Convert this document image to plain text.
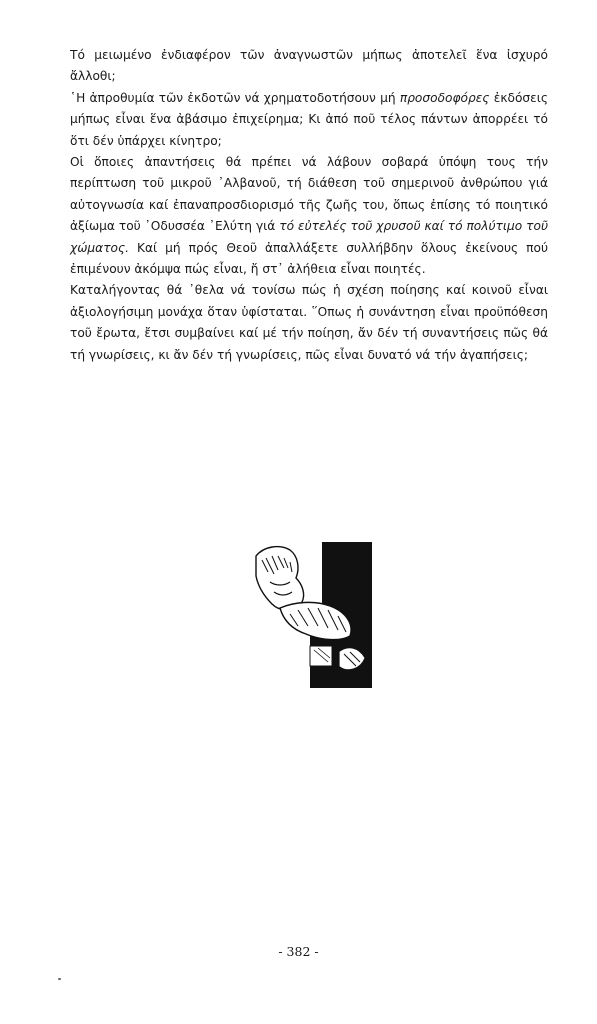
Τό μειωμένο ἐνδιαφέρον τῶν ἀναγνωστῶν μήπως ἀποτελεῖ ἕνα ἰσχυρό ἄλλοθι;

῾Η ἀπροθυμία τῶν ἐκδοτῶν νά χρηματοδοτήσουν μή προσοδοφόρες ἐκδόσεις μήπως εἶναι ἕνα ἀβάσιμο ἐπιχείρημα; Κι ἀπό ποῦ τέλος πάντων ἀπορρέει τό ὅτι δέν ὑπάρχει κίνητρο;

Οἱ ὅποιες ἀπαντήσεις θά πρέπει νά λάβουν σοβαρά ὑπόψη τους τήν περίπτωση τοῦ μικροῦ ᾿Αλβανοῦ, τή διάθεση τοῦ σημερινοῦ ἀνθρώπου γιά αὐτογνωσία καί ἐπαναπροσδιορισμό τῆς ζωῆς του, ὅπως ἐπίσης τό ποιητικό ἀξίωμα τοῦ ᾿Οδυσσέα ᾿Ελύτη γιά τό εὐτελές τοῦ χρυσοῦ καί τό πολύτιμο τοῦ χώματος. Καί μή πρός Θεοῦ ἀπαλλάξετε συλλήβδην ὅλους ἐκείνους πού ἐπιμένουν ἀκόμψα πώς εἶναι, ἤ στ᾿ ἀλήθεια εἶναι ποιητές.

Καταλήγοντας θά ᾿θελα νά τονίσω πώς ἡ σχέση ποίησης καί κοινοῦ εἶναι ἀξιολογήσιμη μονάχα ὅταν ὑφίσταται. ῞Οπως ἡ συνάντηση εἶναι προϋπόθεση τοῦ ἔρωτα, ἔτσι συμβαίνει καί μέ τήν ποίηση, ἄν δέν τή συναντήσεις πῶς θά τή γνωρίσεις, κι ἄν δέν τή γνωρίσεις, πῶς εἶναι δυνατό νά τήν ἀγαπήσεις;

- 382 -
